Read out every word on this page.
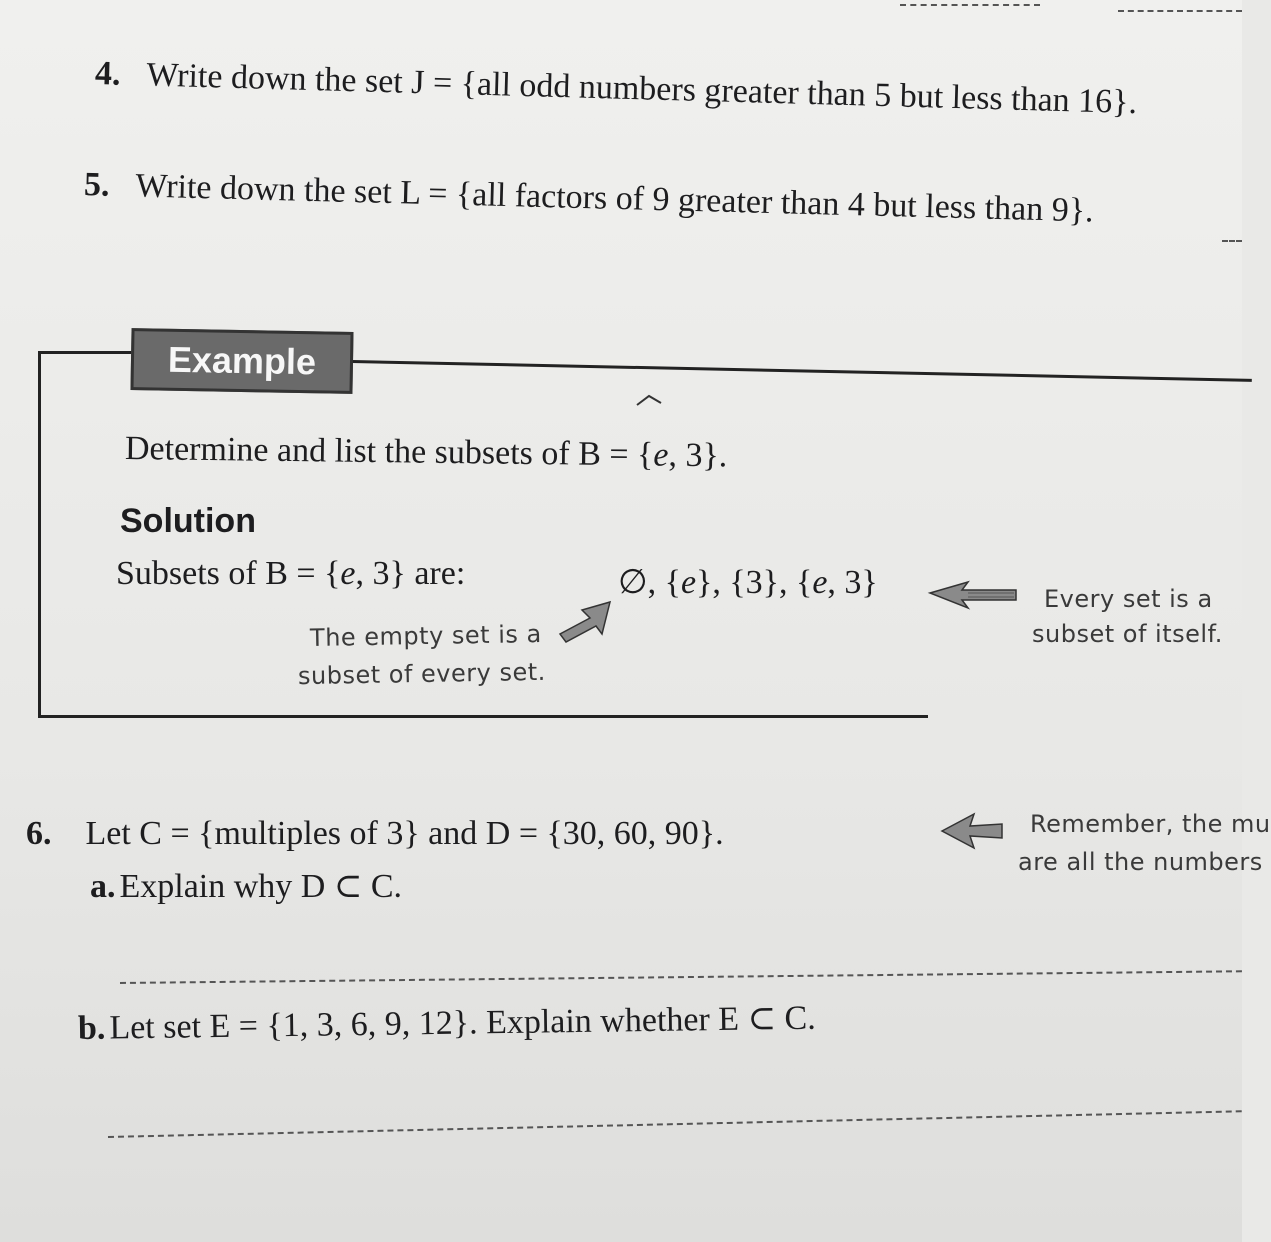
4. Write down the set J = {all odd numbers greater than 5 but less than 16}.
5. Write down the set L = {all factors of 9 greater than 4 but less than 9}.
Example
Determine and list the subsets of B = {e, 3}.
Solution
Subsets of B = {e, 3} are:	∅, {e}, {3}, {e, 3}	Every set is a
subset of itself.
The empty set is a
subset of every set.
6. Let C = {multiples of 3} and D = {30, 60, 90}.	Remember, the mu
are all the numbers
a. Explain why D ⊂ C.
b. Let set E = {1, 3, 6, 9, 12}. Explain whether E ⊂ C.
